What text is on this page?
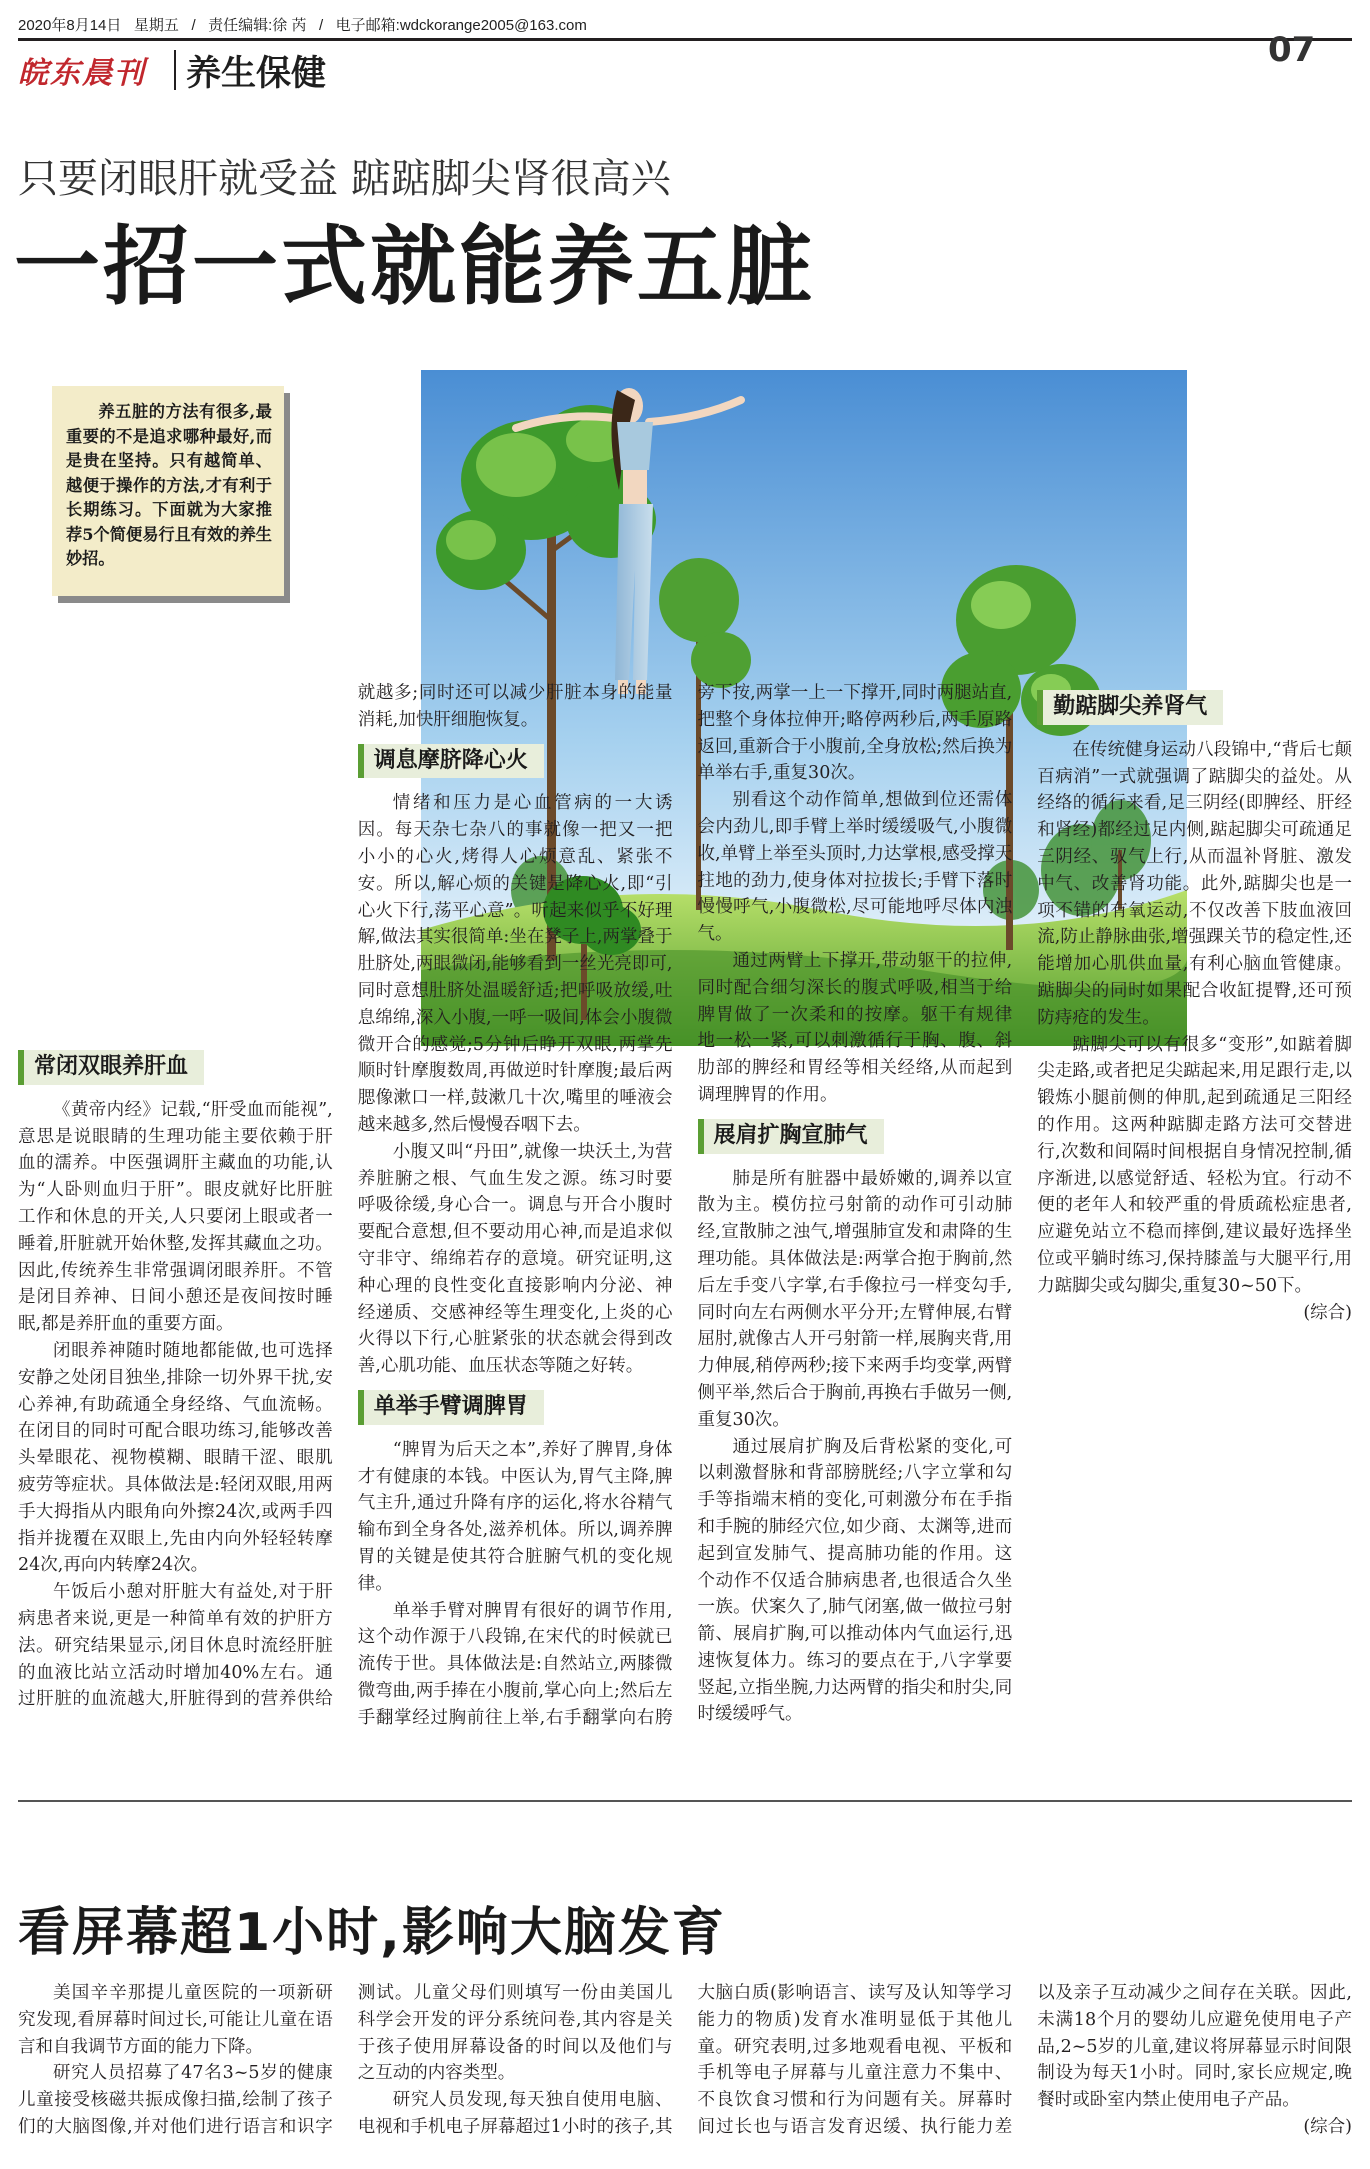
2020年8月14日 星期五   /   责任编辑:徐 芮   /   电子邮箱:wdckorange2005@163.com
07
皖东晨刊 养生保健
只要闭眼肝就受益 踮踮脚尖肾很高兴
一招一式就能养五脏

养五脏的方法有很多,最重要的不是追求哪种最好,而是贵在坚持。只有越简单、越便于操作的方法,才有利于长期练习。下面就为大家推荐5个简便易行且有效的养生妙招。

常闭双眼养肝血

《黄帝内经》记载,“肝受血而能视”,意思是说眼睛的生理功能主要依赖于肝血的濡养。中医强调肝主藏血的功能,认为“人卧则血归于肝”。眼皮就好比肝脏工作和休息的开关,人只要闭上眼或者一睡着,肝脏就开始休整,发挥其藏血之功。因此,传统养生非常强调闭眼养肝。不管是闭目养神、日间小憩还是夜间按时睡眠,都是养肝血的重要方面。

闭眼养神随时随地都能做,也可选择安静之处闭目独坐,排除一切外界干扰,安心养神,有助疏通全身经络、气血流畅。在闭目的同时可配合眼功练习,能够改善头晕眼花、视物模糊、眼睛干涩、眼肌疲劳等症状。具体做法是:轻闭双眼,用两手大拇指从内眼角向外擦24次,或两手四指并拢覆在双眼上,先由内向外轻轻转摩24次,再向内转摩24次。

午饭后小憩对肝脏大有益处,对于肝病患者来说,更是一种简单有效的护肝方法。研究结果显示,闭目休息时流经肝脏的血液比站立活动时增加40%左右。通过肝脏的血流越大,肝脏得到的营养供给就越多;同时还可以减少肝脏本身的能量消耗,加快肝细胞恢复。

调息摩脐降心火

情绪和压力是心血管病的一大诱因。每天杂七杂八的事就像一把又一把小小的心火,烤得人心烦意乱、紧张不安。所以,解心烦的关键是降心火,即“引心火下行,荡平心意”。听起来似乎不好理解,做法其实很简单:坐在凳子上,两掌叠于肚脐处,两眼微闭,能够看到一丝光亮即可,同时意想肚脐处温暖舒适;把呼吸放缓,吐息绵绵,深入小腹,一呼一吸间,体会小腹微微开合的感觉;5分钟后睁开双眼,两掌先顺时针摩腹数周,再做逆时针摩腹;最后两腮像漱口一样,鼓漱几十次,嘴里的唾液会越来越多,然后慢慢吞咽下去。

小腹又叫“丹田”,就像一块沃土,为营养脏腑之根、气血生发之源。练习时要呼吸徐缓,身心合一。调息与开合小腹时要配合意想,但不要动用心神,而是追求似守非守、绵绵若存的意境。研究证明,这种心理的良性变化直接影响内分泌、神经递质、交感神经等生理变化,上炎的心火得以下行,心脏紧张的状态就会得到改善,心肌功能、血压状态等随之好转。

单举手臂调脾胃

“脾胃为后天之本”,养好了脾胃,身体才有健康的本钱。中医认为,胃气主降,脾气主升,通过升降有序的运化,将水谷精气输布到全身各处,滋养机体。所以,调养脾胃的关键是使其符合脏腑气机的变化规律。

单举手臂对脾胃有很好的调节作用,这个动作源于八段锦,在宋代的时候就已流传于世。具体做法是:自然站立,两膝微微弯曲,两手捧在小腹前,掌心向上;然后左手翻掌经过胸前往上举,右手翻掌向右胯旁下按,两掌一上一下撑开,同时两腿站直,把整个身体拉伸开;略停两秒后,两手原路返回,重新合于小腹前,全身放松;然后换为单举右手,重复30次。

别看这个动作简单,想做到位还需体会内劲儿,即手臂上举时缓缓吸气,小腹微收,单臂上举至头顶时,力达掌根,感受撑天拄地的劲力,使身体对拉拔长;手臂下落时慢慢呼气,小腹微松,尽可能地呼尽体内浊气。

通过两臂上下撑开,带动躯干的拉伸,同时配合细匀深长的腹式呼吸,相当于给脾胃做了一次柔和的按摩。躯干有规律地一松一紧,可以刺激循行于胸、腹、斜肋部的脾经和胃经等相关经络,从而起到调理脾胃的作用。

展肩扩胸宣肺气

肺是所有脏器中最娇嫩的,调养以宣散为主。模仿拉弓射箭的动作可引动肺经,宣散肺之浊气,增强肺宣发和肃降的生理功能。具体做法是:两掌合抱于胸前,然后左手变八字掌,右手像拉弓一样变勾手,同时向左右两侧水平分开;左臂伸展,右臂屈肘,就像古人开弓射箭一样,展胸夹背,用力伸展,稍停两秒;接下来两手均变掌,两臂侧平举,然后合于胸前,再换右手做另一侧,重复30次。

通过展肩扩胸及后背松紧的变化,可以刺激督脉和背部膀胱经;八字立掌和勾手等指端末梢的变化,可刺激分布在手指和手腕的肺经穴位,如少商、太渊等,进而起到宣发肺气、提高肺功能的作用。这个动作不仅适合肺病患者,也很适合久坐一族。伏案久了,肺气闭塞,做一做拉弓射箭、展肩扩胸,可以推动体内气血运行,迅速恢复体力。练习的要点在于,八字掌要竖起,立指坐腕,力达两臂的指尖和肘尖,同时缓缓呼气。

勤踮脚尖养肾气

在传统健身运动八段锦中,“背后七颠百病消”一式就强调了踮脚尖的益处。从经络的循行来看,足三阴经(即脾经、肝经和肾经)都经过足内侧,踮起脚尖可疏通足三阴经、驭气上行,从而温补肾脏、激发中气、改善肾功能。此外,踮脚尖也是一项不错的有氧运动,不仅改善下肢血液回流,防止静脉曲张,增强踝关节的稳定性,还能增加心肌供血量,有利心脑血管健康。踮脚尖的同时如果配合收缸提臀,还可预防痔疮的发生。

踮脚尖可以有很多“变形”,如踮着脚尖走路,或者把足尖踮起来,用足跟行走,以锻炼小腿前侧的伸肌,起到疏通足三阳经的作用。这两种踮脚走路方法可交替进行,次数和间隔时间根据自身情况控制,循序渐进,以感觉舒适、轻松为宜。行动不便的老年人和较严重的骨质疏松症患者,应避免站立不稳而摔倒,建议最好选择坐位或平躺时练习,保持膝盖与大腿平行,用力踮脚尖或勾脚尖,重复30~50下。

(综合)

看屏幕超1小时,影响大脑发育

美国辛辛那提儿童医院的一项新研究发现,看屏幕时间过长,可能让儿童在语言和自我调节方面的能力下降。

研究人员招募了47名3~5岁的健康儿童接受核磁共振成像扫描,绘制了孩子们的大脑图像,并对他们进行语言和识字测试。儿童父母们则填写一份由美国儿科学会开发的评分系统问卷,其内容是关于孩子使用屏幕设备的时间以及他们与之互动的内容类型。

研究人员发现,每天独自使用电脑、电视和手机电子屏幕超过1小时的孩子,其大脑白质(影响语言、读写及认知等学习能力的物质)发育水准明显低于其他儿童。研究表明,过多地观看电视、平板和手机等电子屏幕与儿童注意力不集中、不良饮食习惯和行为问题有关。屏幕时间过长也与语言发育迟缓、执行能力差以及亲子互动减少之间存在关联。因此,未满18个月的婴幼儿应避免使用电子产品,2~5岁的儿童,建议将屏幕显示时间限制设为每天1小时。同时,家长应规定,晚餐时或卧室内禁止使用电子产品。

(综合)
